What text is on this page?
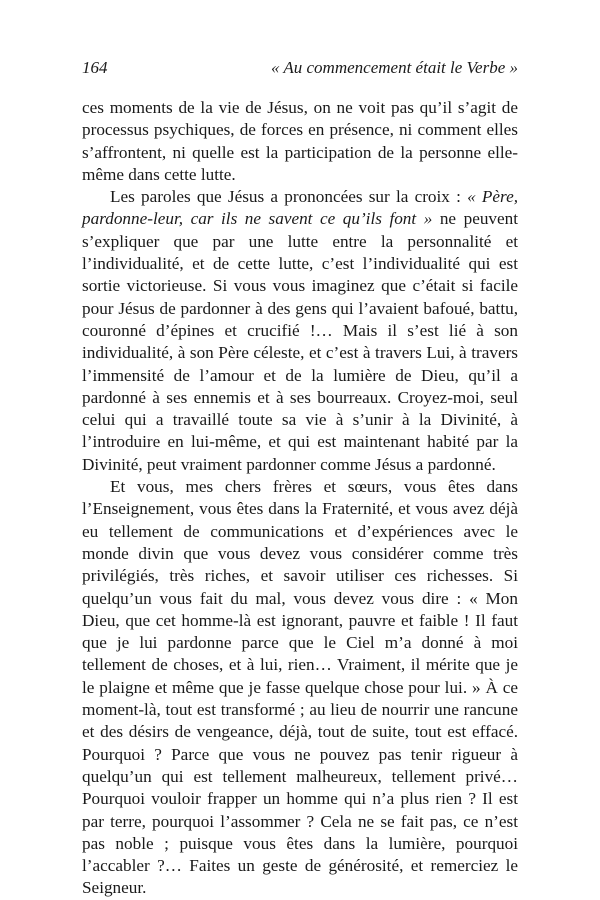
164	« Au commencement était le Verbe »

ces moments de la vie de Jésus, on ne voit pas qu’il s’agit de processus psychiques, de forces en présence, ni comment elles s’affrontent, ni quelle est la participation de la personne elle-même dans cette lutte.

Les paroles que Jésus a prononcées sur la croix : « Père, pardonne-leur, car ils ne savent ce qu’ils font » ne peuvent s’expliquer que par une lutte entre la personnalité et l’individualité, et de cette lutte, c’est l’individualité qui est sortie victorieuse. Si vous vous imaginez que c’était si facile pour Jésus de pardonner à des gens qui l’avaient bafoué, battu, couronné d’épines et crucifié !… Mais il s’est lié à son individualité, à son Père céleste, et c’est à travers Lui, à travers l’immensité de l’amour et de la lumière de Dieu, qu’il a pardonné à ses ennemis et à ses bourreaux. Croyez-moi, seul celui qui a travaillé toute sa vie à s’unir à la Divinité, à l’introduire en lui-même, et qui est maintenant habité par la Divinité, peut vraiment pardonner comme Jésus a pardonné.

Et vous, mes chers frères et sœurs, vous êtes dans l’Enseignement, vous êtes dans la Fraternité, et vous avez déjà eu tellement de communications et d’expériences avec le monde divin que vous devez vous considérer comme très privilégiés, très riches, et savoir utiliser ces richesses. Si quelqu’un vous fait du mal, vous devez vous dire : « Mon Dieu, que cet homme-là est ignorant, pauvre et faible ! Il faut que je lui pardonne parce que le Ciel m’a donné à moi tellement de choses, et à lui, rien… Vraiment, il mérite que je le plaigne et même que je fasse quelque chose pour lui. » À ce moment-là, tout est transformé ; au lieu de nourrir une rancune et des désirs de vengeance, déjà, tout de suite, tout est effacé. Pourquoi ? Parce que vous ne pouvez pas tenir rigueur à quelqu’un qui est tellement malheureux, tellement privé… Pourquoi vouloir frapper un homme qui n’a plus rien ? Il est par terre, pourquoi l’assommer ? Cela ne se fait pas, ce n’est pas noble ; puisque vous êtes dans la lumière, pourquoi l’accabler ?… Faites un geste de générosité, et remerciez le Seigneur.
